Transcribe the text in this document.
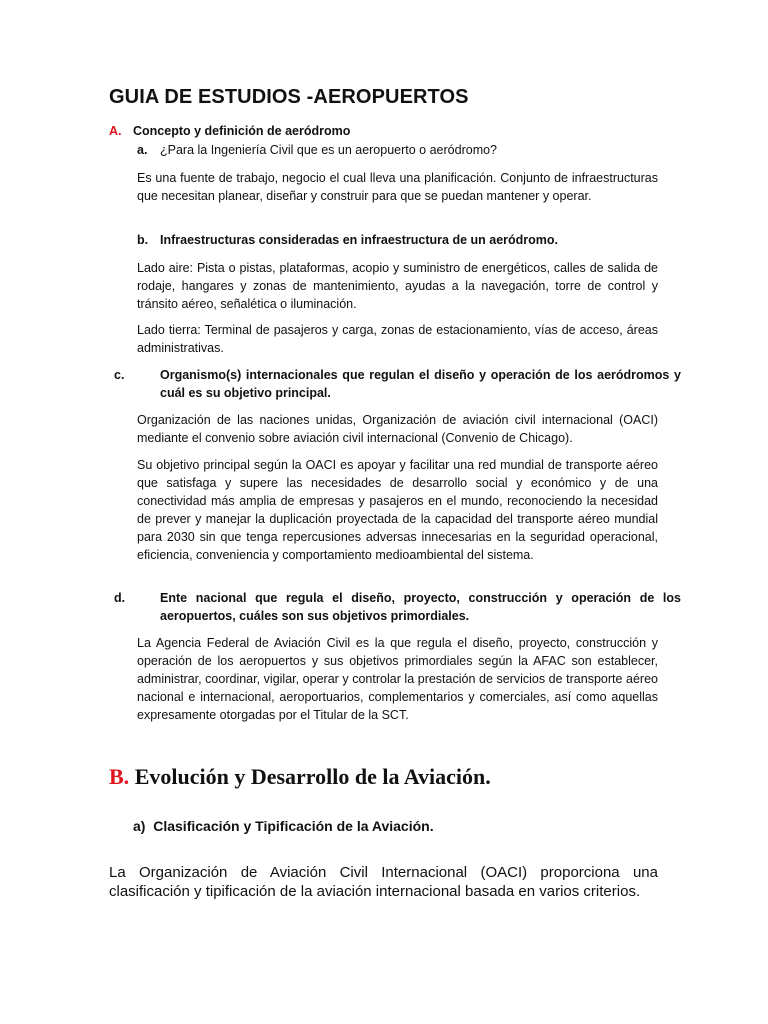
GUIA DE ESTUDIOS -AEROPUERTOS
A. Concepto y definición de aeródromo
a. ¿Para la Ingeniería Civil que es un aeropuerto o aeródromo?
Es una fuente de trabajo, negocio el cual lleva una planificación. Conjunto de infraestructuras que necesitan planear, diseñar y construir para que se puedan mantener y operar.
b. Infraestructuras consideradas en infraestructura de un aeródromo.
Lado aire: Pista o pistas, plataformas, acopio y suministro de energéticos, calles de salida de rodaje, hangares y zonas de mantenimiento, ayudas a la navegación, torre de control y tránsito aéreo, señalética o iluminación.
Lado tierra: Terminal de pasajeros y carga, zonas de estacionamiento, vías de acceso, áreas administrativas.
c.	Organismo(s) internacionales que regulan el diseño y operación de los aeródromos y cuál es su objetivo principal.
Organización de las naciones unidas, Organización de aviación civil internacional (OACI) mediante el convenio sobre aviación civil internacional (Convenio de Chicago).
Su objetivo principal según la OACI es apoyar y facilitar una red mundial de transporte aéreo que satisfaga y supere las necesidades de desarrollo social y económico y de una conectividad más amplia de empresas y pasajeros en el mundo, reconociendo la necesidad de prever y manejar la duplicación proyectada de la capacidad del transporte aéreo mundial para 2030 sin que tenga repercusiones adversas innecesarias en la seguridad operacional, eficiencia, conveniencia y comportamiento medioambiental del sistema.
d.	Ente nacional que regula el diseño, proyecto, construcción y operación de los aeropuertos, cuáles son sus objetivos primordiales.
La Agencia Federal de Aviación Civil es la que regula el diseño, proyecto, construcción y operación de los aeropuertos y sus objetivos primordiales según la AFAC son establecer, administrar, coordinar, vigilar, operar y controlar la prestación de servicios de transporte aéreo nacional e internacional, aeroportuarios, complementarios y comerciales, así como aquellas expresamente otorgadas por el Titular de la SCT.
B. Evolución y Desarrollo de la Aviación.
a) Clasificación y Tipificación de la Aviación.
La Organización de Aviación Civil Internacional (OACI) proporciona una clasificación y tipificación de la aviación internacional basada en varios criterios.
